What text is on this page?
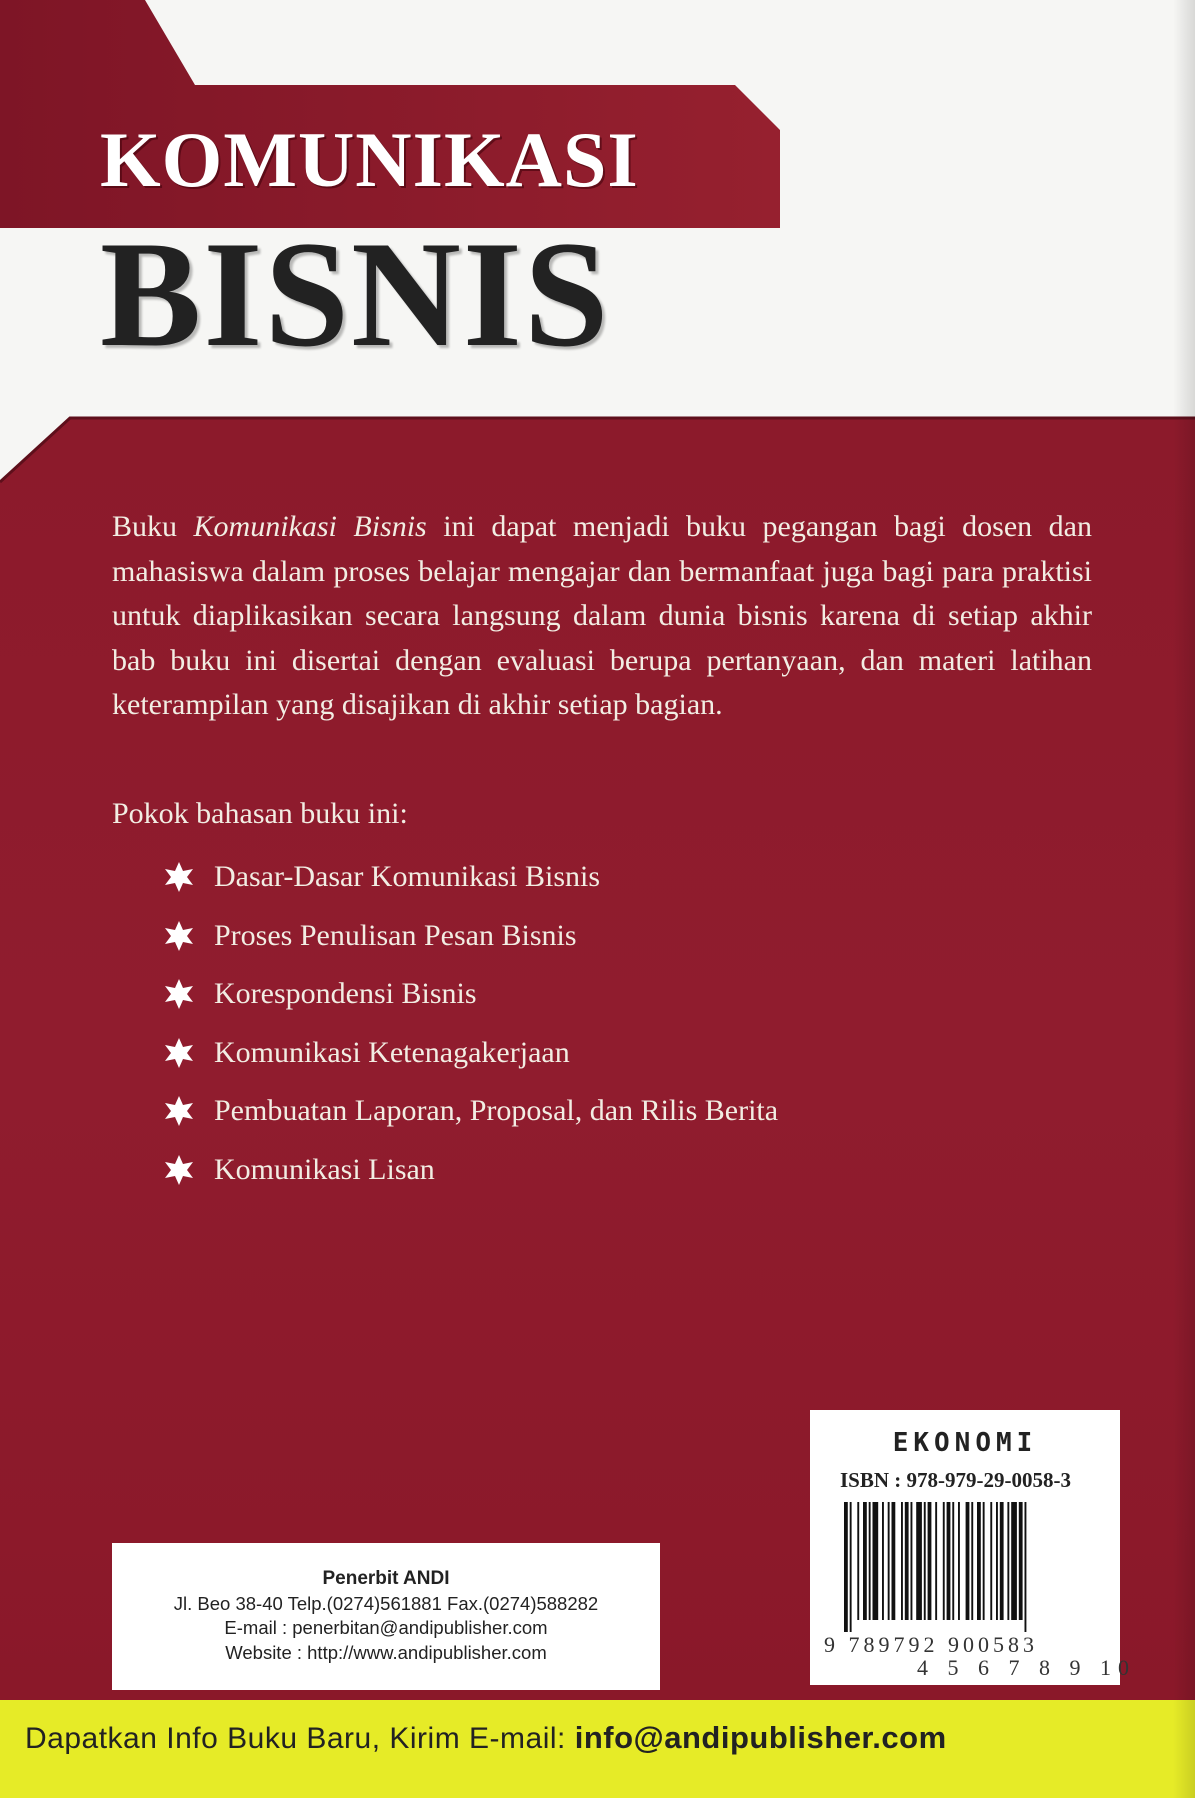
KOMUNIKASI
BISNIS
Buku Komunikasi Bisnis ini dapat menjadi buku pegangan bagi dosen dan mahasiswa dalam proses belajar mengajar dan bermanfaat juga bagi para praktisi untuk diaplikasikan secara langsung dalam dunia bisnis karena di setiap akhir bab buku ini disertai dengan evaluasi berupa pertanyaan, dan materi latihan keterampilan yang disajikan di akhir setiap bagian.
Pokok bahasan buku ini:
Dasar-Dasar Komunikasi Bisnis
Proses Penulisan Pesan Bisnis
Korespondensi Bisnis
Komunikasi Ketenagakerjaan
Pembuatan Laporan, Proposal, dan Rilis Berita
Komunikasi Lisan
EKONOMI
ISBN : 978-979-29-0058-3
9 789792 900583
4 5 6 7 8 9 10
Penerbit ANDI
Jl. Beo 38-40 Telp.(0274)561881 Fax.(0274)588282
E-mail : penerbitan@andipublisher.com
Website : http://www.andipublisher.com
Dapatkan Info Buku Baru, Kirim E-mail: info@andipublisher.com
